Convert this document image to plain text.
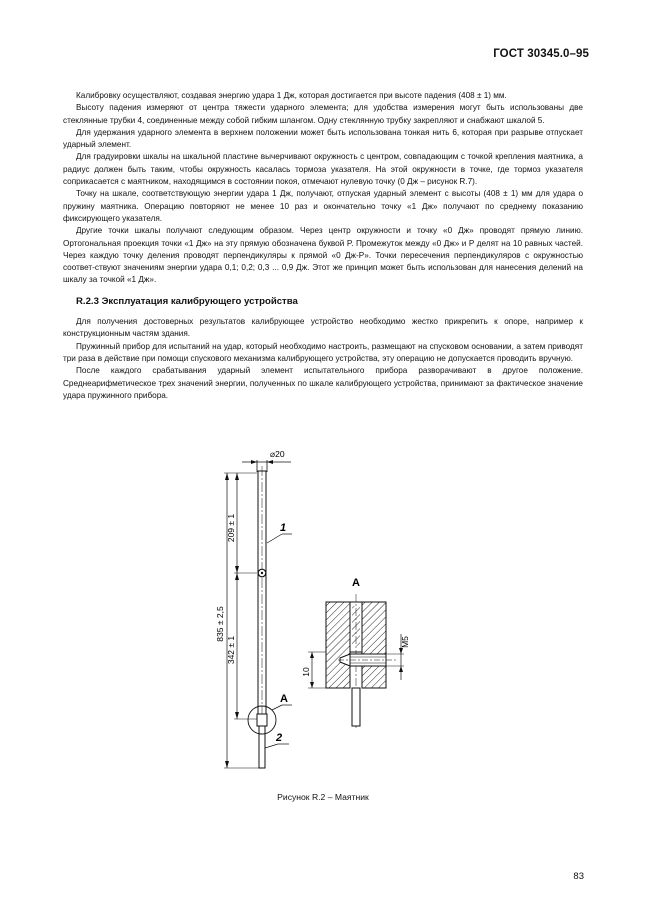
ГОСТ 30345.0–95

Калибровку осуществляют, создавая энергию удара 1 Дж, которая достигается при высоте падения (408 ± 1) мм.

Высоту падения измеряют от центра тяжести ударного элемента; для удобства измерения могут быть использованы две стеклянные трубки 4, соединенные между собой гибким шлангом. Одну стеклянную трубку закрепляют и снабжают шкалой 5.

Для удержания ударного элемента в верхнем положении может быть использована тонкая нить 6, которая при разрыве отпускает ударный элемент.

Для градуировки шкалы на шкальной пластине вычерчивают окружность с центром, совпадающим с точкой крепления маятника, а радиус должен быть таким, чтобы окружность касалась тормоза указателя. На этой окружности в точке, где тормоз указателя соприкасается с маятником, находящимся в состоянии покоя, отмечают нулевую точку (0 Дж – рисунок R.7).

Точку на шкале, соответствующую энергии удара 1 Дж, получают, отпуская ударный элемент с высоты (408 ± 1) мм для удара о пружину маятника. Операцию повторяют не менее 10 раз и окончательно точку «1 Дж» получают по среднему показанию фиксирующего указателя.

Другие точки шкалы получают следующим образом. Через центр окружности и точку «0 Дж» проводят прямую линию. Ортогональная проекция точки «1 Дж» на эту прямую обозначена буквой P. Промежуток между «0 Дж» и P делят на 10 равных частей. Через каждую точку деления проводят перпендикуляры к прямой «0 Дж-P». Точки пересечения перпендикуляров с окружностью соответ-ствуют значениям энергии удара 0,1; 0,2; 0,3 ... 0,9 Дж. Этот же принцип может быть использован для нанесения делений на шкалу за точкой «1 Дж».

R.2.3 Эксплуатация калибрующего устройства

Для получения достоверных результатов калибрующее устройство необходимо жестко прикрепить к опоре, например к конструкционным частям здания.

Пружинный прибор для испытаний на удар, который необходимо настроить, размещают на спусковом основании, а затем приводят три раза в действие при помощи спускового механизма калибрующего устройства, эту операцию не допускается проводить вручную.

После каждого срабатывания ударный элемент испытательного прибора разворачивают в другое положение. Среднеарифметическое трех значений энергии, полученных по шкале калибрующего устройства, принимают за фактическое значение удара пружинного прибора.

⌀20
835 ± 2,5
209 ± 1
342 ± 1
1
A
2
A
10
M5
Рисунок R.2 – Маятник
83
